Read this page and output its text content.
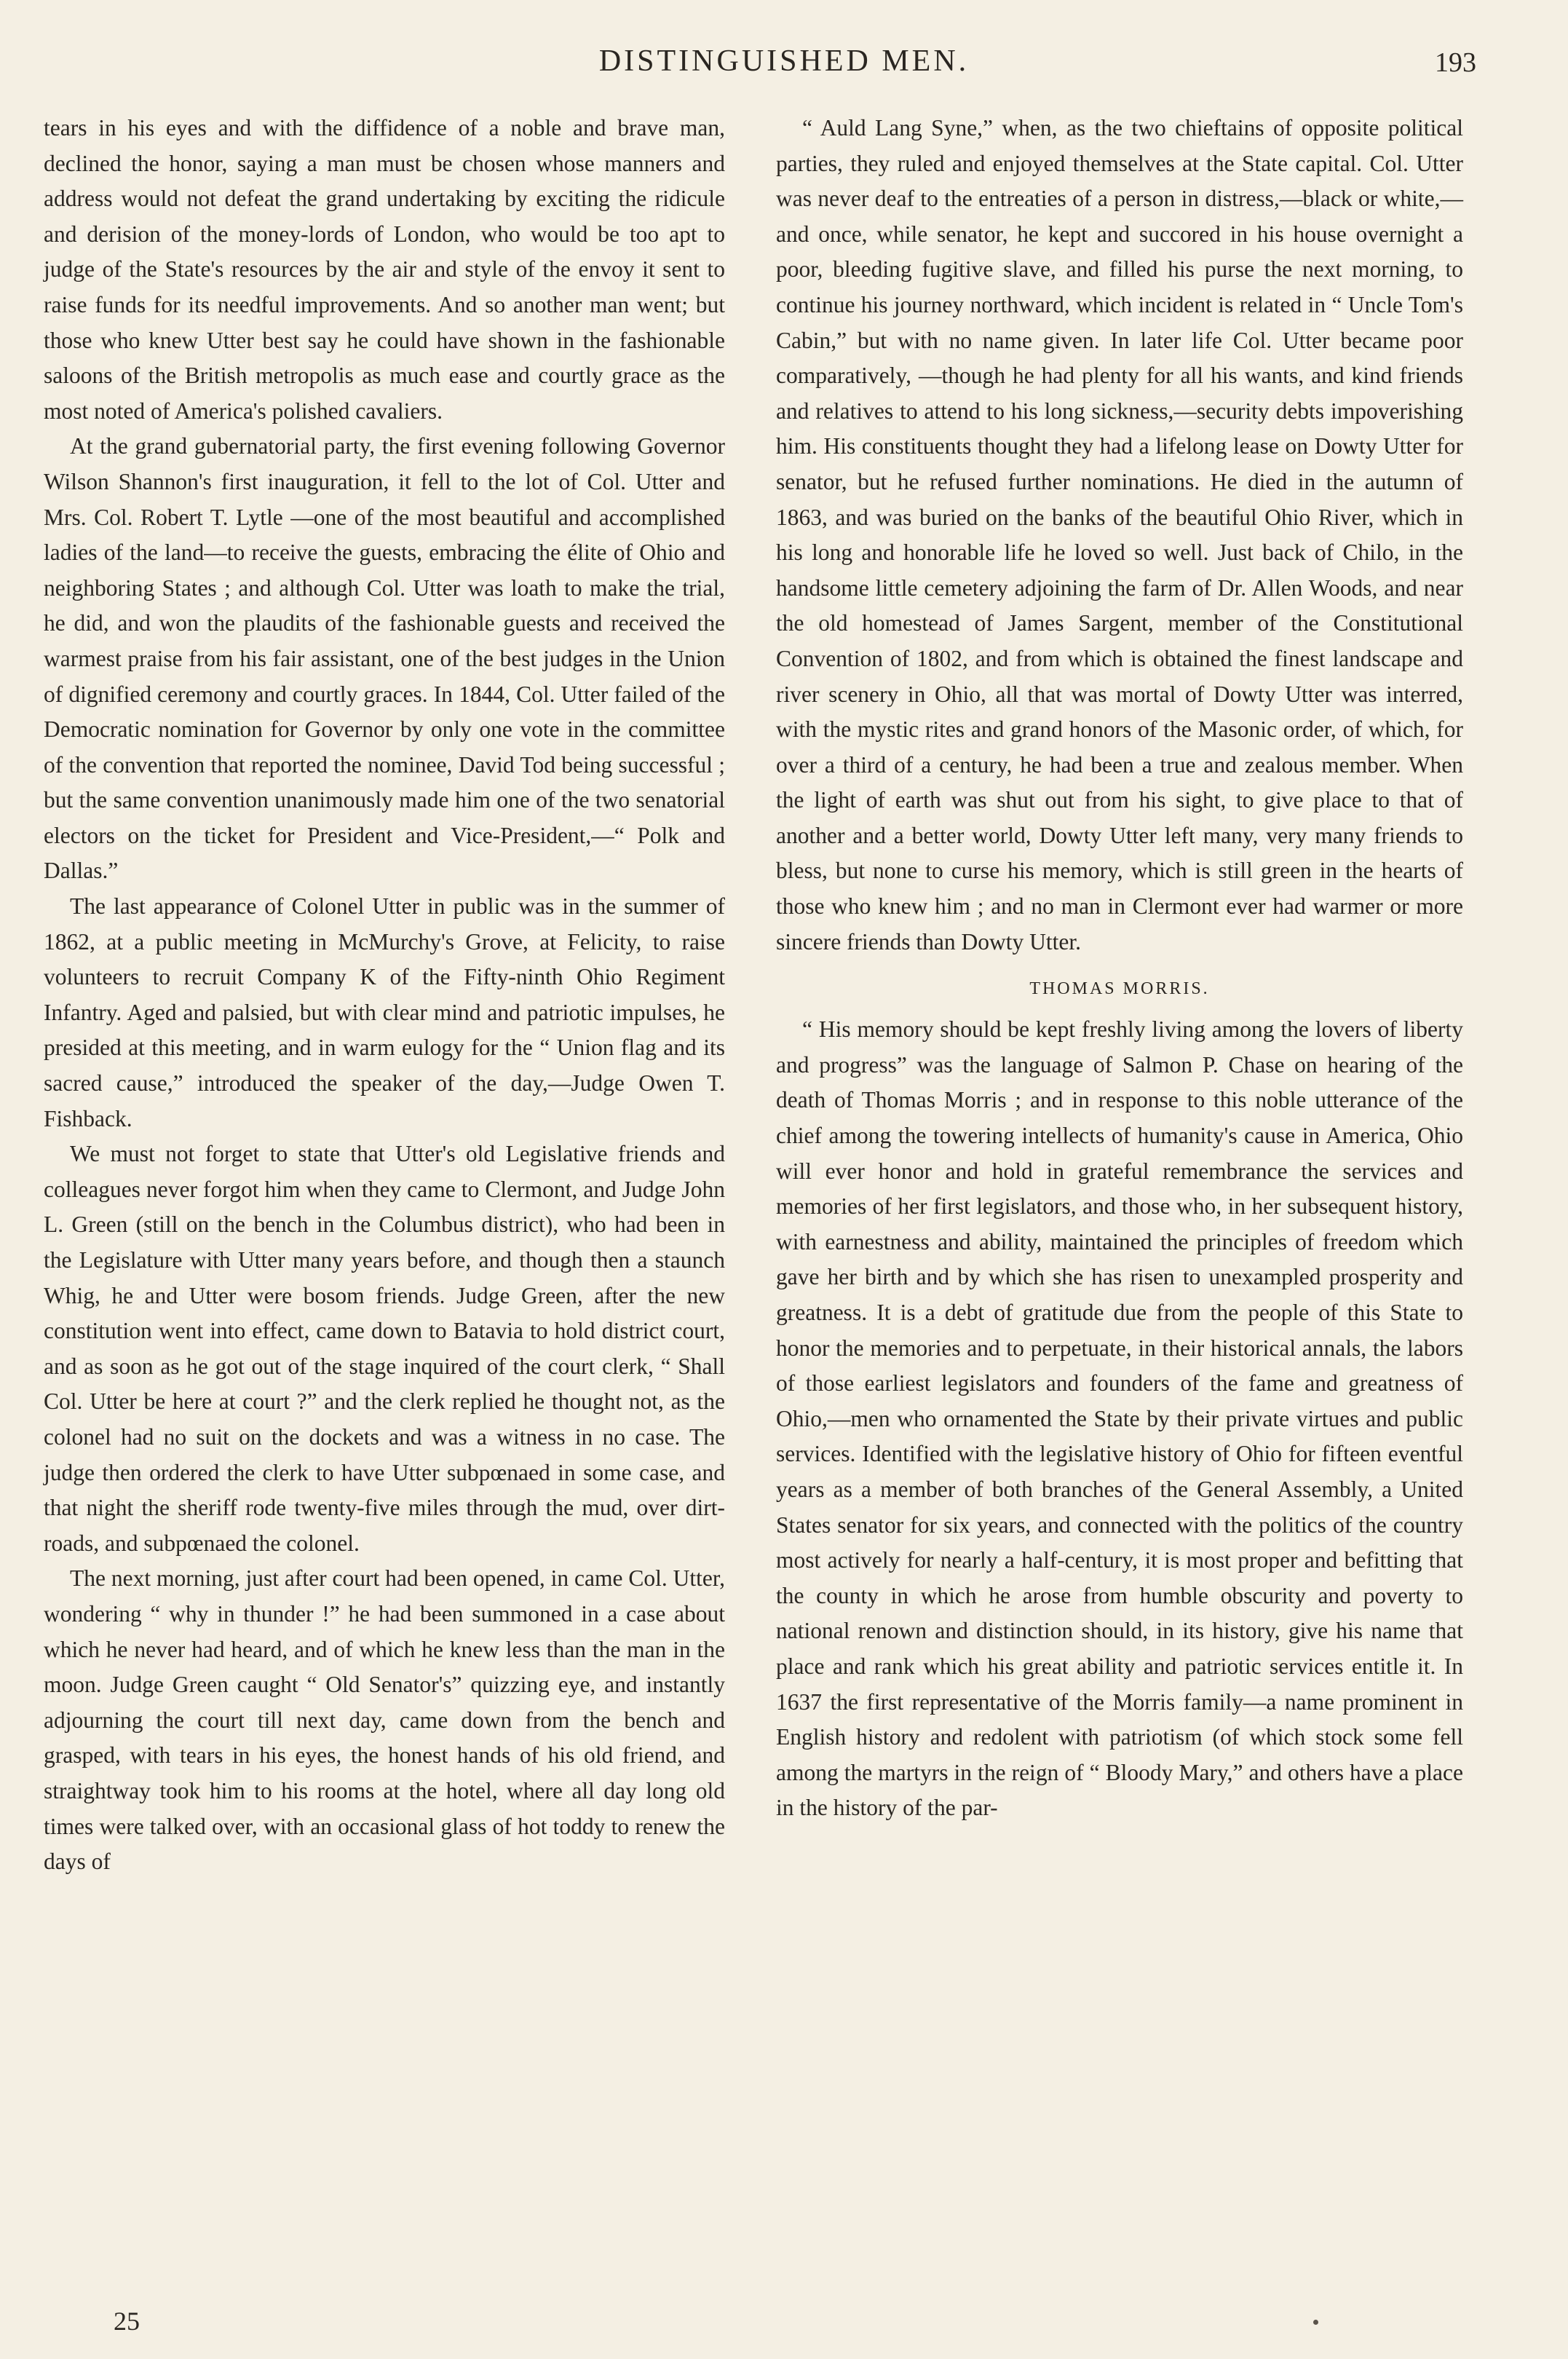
DISTINGUISHED MEN.	193

tears in his eyes and with the diffidence of a noble and brave man, declined the honor, saying a man must be chosen whose manners and address would not defeat the grand undertaking by exciting the ridicule and derision of the money-lords of London, who would be too apt to judge of the State's resources by the air and style of the envoy it sent to raise funds for its needful improvements. And so another man went; but those who knew Utter best say he could have shown in the fashionable saloons of the British metropolis as much ease and courtly grace as the most noted of America's polished cavaliers.

At the grand gubernatorial party, the first evening following Governor Wilson Shannon's first inauguration, it fell to the lot of Col. Utter and Mrs. Col. Robert T. Lytle —one of the most beautiful and accomplished ladies of the land—to receive the guests, embracing the élite of Ohio and neighboring States ; and although Col. Utter was loath to make the trial, he did, and won the plaudits of the fashionable guests and received the warmest praise from his fair assistant, one of the best judges in the Union of dignified ceremony and courtly graces. In 1844, Col. Utter failed of the Democratic nomination for Governor by only one vote in the committee of the convention that reported the nominee, David Tod being successful ; but the same convention unanimously made him one of the two senatorial electors on the ticket for President and Vice-President,—“ Polk and Dallas.”

The last appearance of Colonel Utter in public was in the summer of 1862, at a public meeting in McMurchy's Grove, at Felicity, to raise volunteers to recruit Company K of the Fifty-ninth Ohio Regiment Infantry. Aged and palsied, but with clear mind and patriotic impulses, he presided at this meeting, and in warm eulogy for the “ Union flag and its sacred cause,” introduced the speaker of the day,—Judge Owen T. Fishback.

We must not forget to state that Utter's old Legislative friends and colleagues never forgot him when they came to Clermont, and Judge John L. Green (still on the bench in the Columbus district), who had been in the Legislature with Utter many years before, and though then a staunch Whig, he and Utter were bosom friends. Judge Green, after the new constitution went into effect, came down to Batavia to hold district court, and as soon as he got out of the stage inquired of the court clerk, “ Shall Col. Utter be here at court ?” and the clerk replied he thought not, as the colonel had no suit on the dockets and was a witness in no case. The judge then ordered the clerk to have Utter subpœnaed in some case, and that night the sheriff rode twenty-five miles through the mud, over dirt-roads, and subpœnaed the colonel.

The next morning, just after court had been opened, in came Col. Utter, wondering “ why in thunder !” he had been summoned in a case about which he never had heard, and of which he knew less than the man in the moon. Judge Green caught “ Old Senator's” quizzing eye, and instantly adjourning the court till next day, came down from the bench and grasped, with tears in his eyes, the honest hands of his old friend, and straightway took him to his rooms at the hotel, where all day long old times were talked over, with an occasional glass of hot toddy to renew the days of

“ Auld Lang Syne,” when, as the two chieftains of opposite political parties, they ruled and enjoyed themselves at the State capital. Col. Utter was never deaf to the entreaties of a person in distress,—black or white,—and once, while senator, he kept and succored in his house overnight a poor, bleeding fugitive slave, and filled his purse the next morning, to continue his journey northward, which incident is related in “ Uncle Tom's Cabin,” but with no name given. In later life Col. Utter became poor comparatively, —though he had plenty for all his wants, and kind friends and relatives to attend to his long sickness,—security debts impoverishing him. His constituents thought they had a lifelong lease on Dowty Utter for senator, but he refused further nominations. He died in the autumn of 1863, and was buried on the banks of the beautiful Ohio River, which in his long and honorable life he loved so well. Just back of Chilo, in the handsome little cemetery adjoining the farm of Dr. Allen Woods, and near the old homestead of James Sargent, member of the Constitutional Convention of 1802, and from which is obtained the finest landscape and river scenery in Ohio, all that was mortal of Dowty Utter was interred, with the mystic rites and grand honors of the Masonic order, of which, for over a third of a century, he had been a true and zealous member. When the light of earth was shut out from his sight, to give place to that of another and a better world, Dowty Utter left many, very many friends to bless, but none to curse his memory, which is still green in the hearts of those who knew him ; and no man in Clermont ever had warmer or more sincere friends than Dowty Utter.

THOMAS MORRIS.

“ His memory should be kept freshly living among the lovers of liberty and progress” was the language of Salmon P. Chase on hearing of the death of Thomas Morris ; and in response to this noble utterance of the chief among the towering intellects of humanity's cause in America, Ohio will ever honor and hold in grateful remembrance the services and memories of her first legislators, and those who, in her subsequent history, with earnestness and ability, maintained the principles of freedom which gave her birth and by which she has risen to unexampled prosperity and greatness. It is a debt of gratitude due from the people of this State to honor the memories and to perpetuate, in their historical annals, the labors of those earliest legislators and founders of the fame and greatness of Ohio,—men who ornamented the State by their private virtues and public services. Identified with the legislative history of Ohio for fifteen eventful years as a member of both branches of the General Assembly, a United States senator for six years, and connected with the politics of the country most actively for nearly a half-century, it is most proper and befitting that the county in which he arose from humble obscurity and poverty to national renown and distinction should, in its history, give his name that place and rank which his great ability and patriotic services entitle it. In 1637 the first representative of the Morris family—a name prominent in English history and redolent with patriotism (of which stock some fell among the martyrs in the reign of “ Bloody Mary,” and others have a place in the history of the par-

25
